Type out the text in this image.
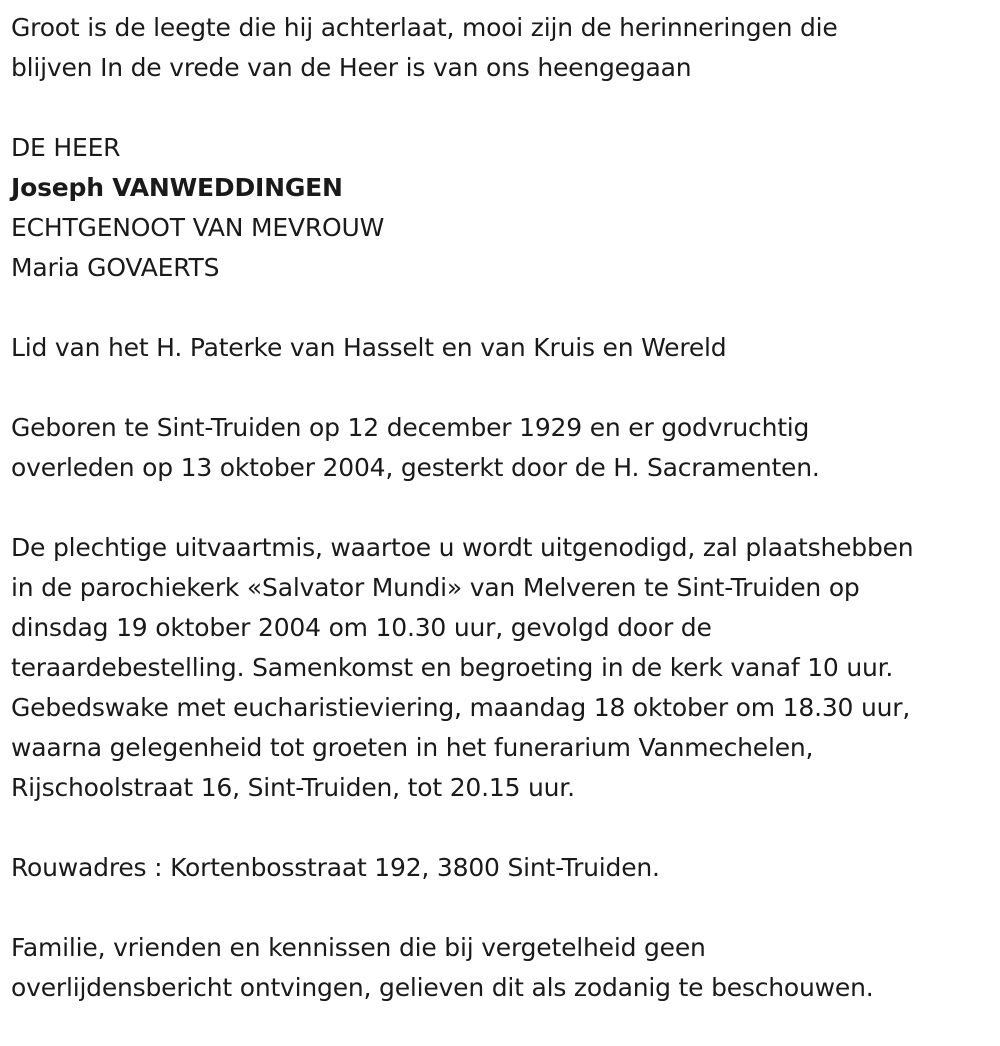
Groot is de leegte die hij achterlaat, mooi zijn de herinneringen die
blijven In de vrede van de Heer is van ons heengegaan
DE HEER
Joseph VANWEDDINGEN
ECHTGENOOT VAN MEVROUW
Maria GOVAERTS
Lid van het H. Paterke van Hasselt en van Kruis en Wereld
Geboren te Sint-Truiden op 12 december 1929 en er godvruchtig
overleden op 13 oktober 2004, gesterkt door de H. Sacramenten.
De plechtige uitvaartmis, waartoe u wordt uitgenodigd, zal plaatshebben
in de parochiekerk «Salvator Mundi» van Melveren te Sint-Truiden op
dinsdag 19 oktober 2004 om 10.30 uur, gevolgd door de
teraardebestelling. Samenkomst en begroeting in de kerk vanaf 10 uur.
Gebedswake met eucharistieviering, maandag 18 oktober om 18.30 uur,
waarna gelegenheid tot groeten in het funerarium Vanmechelen,
Rijschoolstraat 16, Sint-Truiden, tot 20.15 uur.
Rouwadres : Kortenbosstraat 192, 3800 Sint-Truiden.
Familie, vrienden en kennissen die bij vergetelheid geen
overlijdensbericht ontvingen, gelieven dit als zodanig te beschouwen.
